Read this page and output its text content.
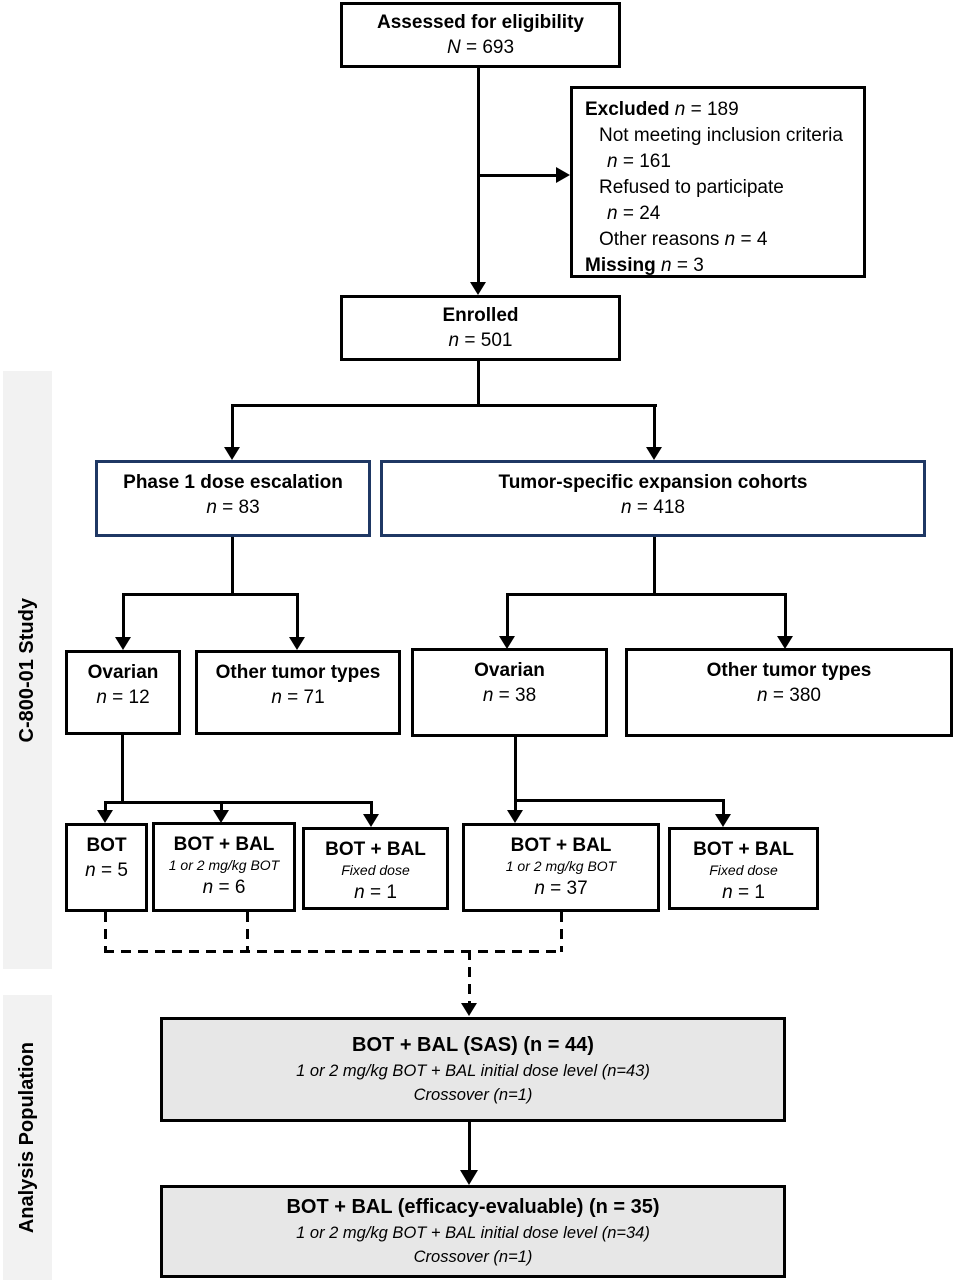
C-800-01 Study
Analysis Population
Assessed for eligibility
N = 693
Excluded n = 189
Not meeting inclusion criteria
n = 161
Refused to participate
n = 24
Other reasons n = 4
Missing n = 3
Enrolled
n = 501
Phase 1 dose escalation
n = 83
Tumor-specific expansion cohorts
n = 418
Ovarian
n = 12
Other tumor types
n = 71
Ovarian
n = 38
Other tumor types
n = 380
BOT
n = 5
BOT + BAL
1 or 2 mg/kg BOT
n = 6
BOT + BAL
Fixed dose
n = 1
BOT + BAL
1 or 2 mg/kg BOT
n = 37
BOT + BAL
Fixed dose
n = 1
BOT + BAL (SAS) (n = 44)
1 or 2 mg/kg BOT + BAL initial dose level (n=43)
Crossover (n=1)
BOT + BAL (efficacy-evaluable) (n = 35)
1 or 2 mg/kg BOT + BAL initial dose level (n=34)
Crossover (n=1)
